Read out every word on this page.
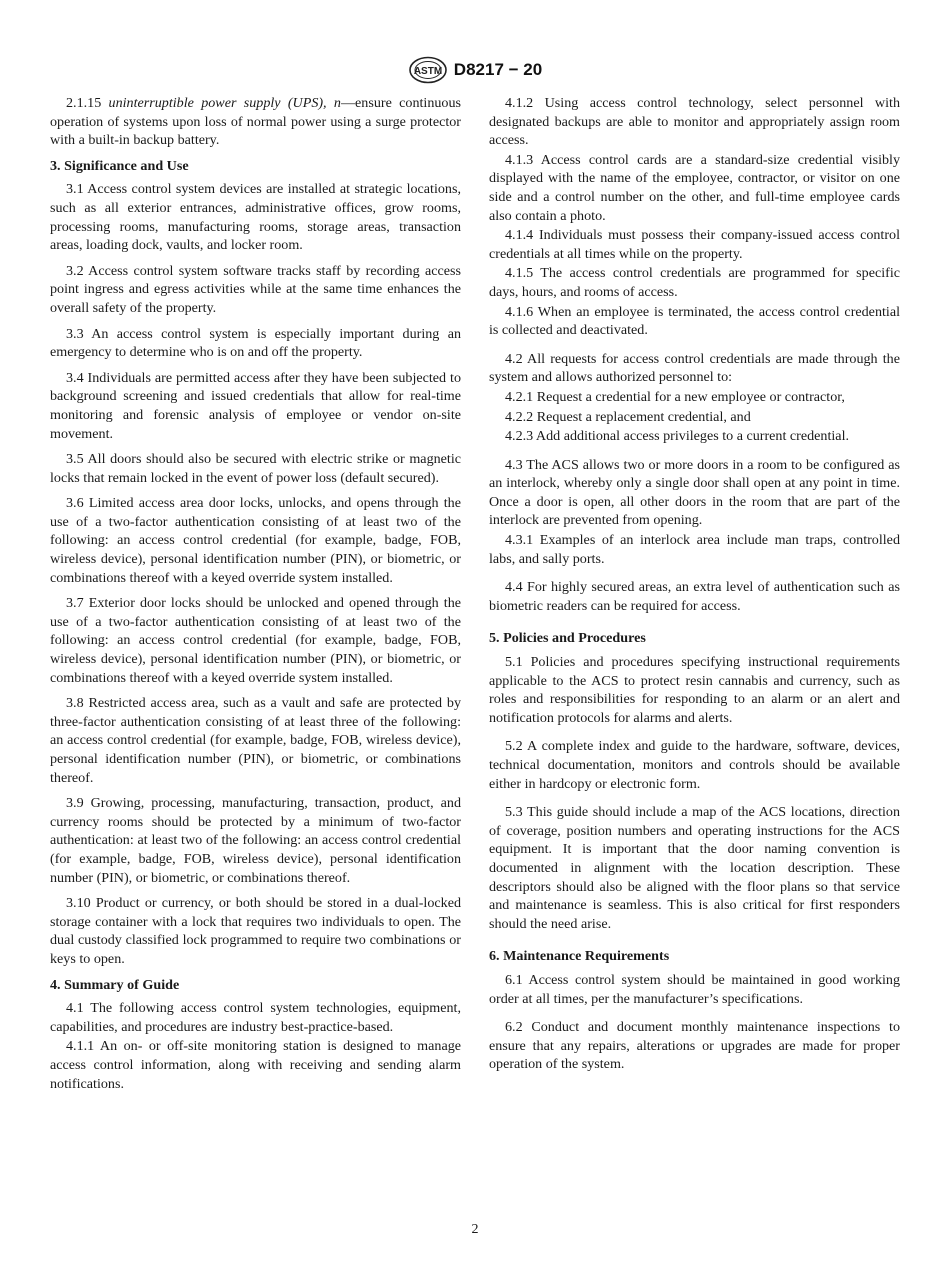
ASTM D8217 − 20

2.1.15 uninterruptible power supply (UPS), n—ensure continuous operation of systems upon loss of normal power using a surge protector with a built-in backup battery.

3. Significance and Use

3.1 Access control system devices are installed at strategic locations, such as all exterior entrances, administrative offices, grow rooms, processing rooms, manufacturing rooms, storage areas, transaction areas, loading dock, vaults, and locker room.

3.2 Access control system software tracks staff by recording access point ingress and egress activities while at the same time enhances the overall safety of the property.

3.3 An access control system is especially important during an emergency to determine who is on and off the property.

3.4 Individuals are permitted access after they have been subjected to background screening and issued credentials that allow for real-time monitoring and forensic analysis of employee or vendor on-site movement.

3.5 All doors should also be secured with electric strike or magnetic locks that remain locked in the event of power loss (default secured).

3.6 Limited access area door locks, unlocks, and opens through the use of a two-factor authentication consisting of at least two of the following: an access control credential (for example, badge, FOB, wireless device), personal identification number (PIN), or biometric, or combinations thereof with a keyed override system installed.

3.7 Exterior door locks should be unlocked and opened through the use of a two-factor authentication consisting of at least two of the following: an access control credential (for example, badge, FOB, wireless device), personal identification number (PIN), or biometric, or combinations thereof with a keyed override system installed.

3.8 Restricted access area, such as a vault and safe are protected by three-factor authentication consisting of at least three of the following: an access control credential (for example, badge, FOB, wireless device), personal identification number (PIN), or biometric, or combinations thereof.

3.9 Growing, processing, manufacturing, transaction, product, and currency rooms should be protected by a minimum of two-factor authentication: at least two of the following: an access control credential (for example, badge, FOB, wireless device), personal identification number (PIN), or biometric, or combinations thereof.

3.10 Product or currency, or both should be stored in a dual-locked storage container with a lock that requires two individuals to open. The dual custody classified lock programmed to require two combinations or keys to open.

4. Summary of Guide

4.1 The following access control system technologies, equipment, capabilities, and procedures are industry best-practice-based.

4.1.1 An on- or off-site monitoring station is designed to manage access control information, along with receiving and sending alarm notifications.

4.1.2 Using access control technology, select personnel with designated backups are able to monitor and appropriately assign room access.

4.1.3 Access control cards are a standard-size credential visibly displayed with the name of the employee, contractor, or visitor on one side and a control number on the other, and full-time employee cards also contain a photo.

4.1.4 Individuals must possess their company-issued access control credentials at all times while on the property.

4.1.5 The access control credentials are programmed for specific days, hours, and rooms of access.

4.1.6 When an employee is terminated, the access control credential is collected and deactivated.

4.2 All requests for access control credentials are made through the system and allows authorized personnel to:

4.2.1 Request a credential for a new employee or contractor,

4.2.2 Request a replacement credential, and

4.2.3 Add additional access privileges to a current credential.

4.3 The ACS allows two or more doors in a room to be configured as an interlock, whereby only a single door shall open at any point in time. Once a door is open, all other doors in the room that are part of the interlock are prevented from opening.

4.3.1 Examples of an interlock area include man traps, controlled labs, and sally ports.

4.4 For highly secured areas, an extra level of authentication such as biometric readers can be required for access.

5. Policies and Procedures

5.1 Policies and procedures specifying instructional requirements applicable to the ACS to protect resin cannabis and currency, such as roles and responsibilities for responding to an alarm or an alert and notification protocols for alarms and alerts.

5.2 A complete index and guide to the hardware, software, devices, technical documentation, monitors and controls should be available either in hardcopy or electronic form.

5.3 This guide should include a map of the ACS locations, direction of coverage, position numbers and operating instructions for the ACS equipment. It is important that the door naming convention is documented in alignment with the location description. These descriptors should also be aligned with the floor plans so that service and maintenance is seamless. This is also critical for first responders should the need arise.

6. Maintenance Requirements

6.1 Access control system should be maintained in good working order at all times, per the manufacturer’s specifications.

6.2 Conduct and document monthly maintenance inspections to ensure that any repairs, alterations or upgrades are made for proper operation of the system.

2
